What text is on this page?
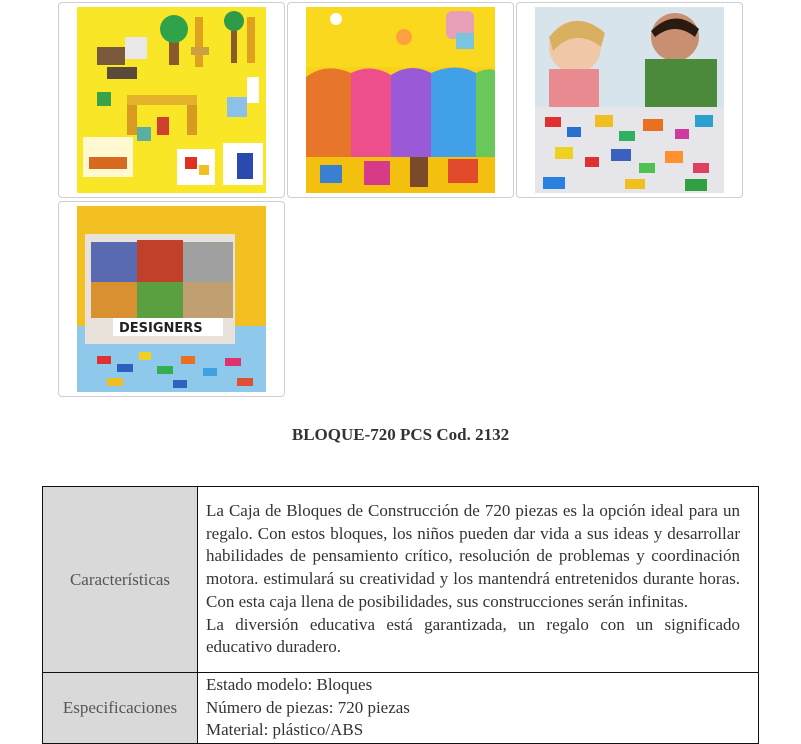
DESIGNERS
BLOQUE-720 PCS Cod. 2132
Características	La Caja de Bloques de Construcción de 720 piezas es la opción ideal para un regalo. Con estos bloques, los niños pueden dar vida a sus ideas y desarrollar habilidades de pensamiento crítico, resolución de problemas y coordinación motora. estimulará su creatividad y los mantendrá entretenidos durante horas. Con esta caja llena de posibilidades, sus construcciones serán infinitas.
La diversión educativa está garantizada, un regalo con un significado educativo duradero.

Especificaciones	Estado modelo: Bloques
Número de piezas: 720 piezas
Material: plástico/ABS
